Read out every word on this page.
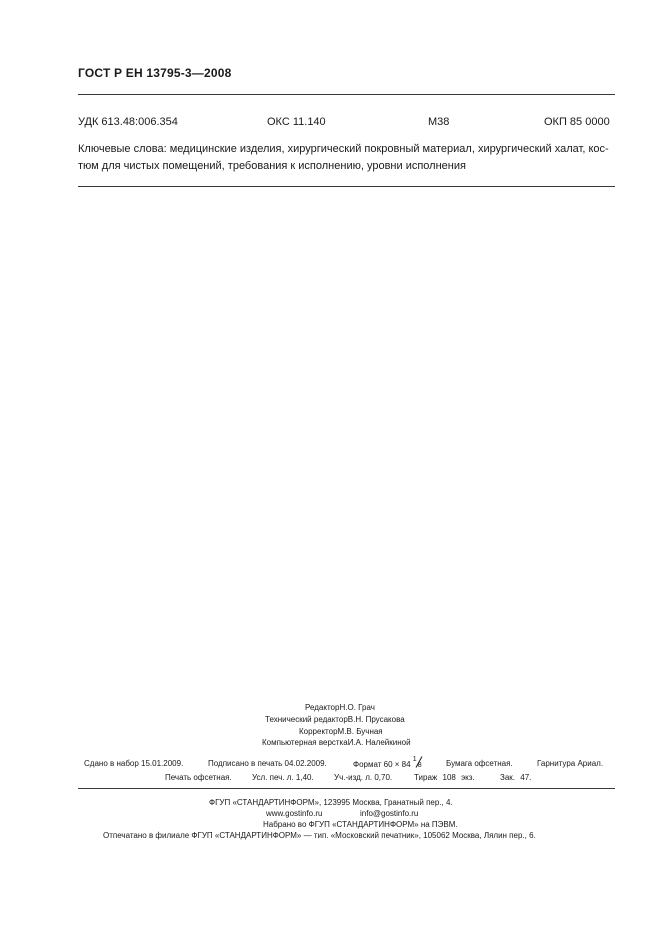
ГОСТ Р ЕН 13795-3—2008
УДК 613.48:006.354	ОКС 11.140	М38	ОКП 85 0000
Ключевые слова: медицинские изделия, хирургический покровный материал, хирургический халат, кос-
тюм для чистых помещений, требования к исполнению, уровни исполнения
РедакторН.О. Грач
Технический редакторВ.Н. Прусакова
КорректорМ.В. Бучная
Компьютерная версткаИ.А. Налейкиной
Сдано в набор 15.01.2009.	Подписано в печать 04.02.2009.	Формат 60 × 84
1
8	Бумага офсетная.	Гарнитура Ариал.
Печать офсетная.	Усл. печ. л. 1,40.	Уч.-изд. л. 0,70.	Тираж 108 экз.	Зак. 47.
ФГУП «СТАНДАРТИНФОРМ», 123995 Москва, Гранатный пер., 4.
www.gostinfo.ru	info@gostinfo.ru
Набрано во ФГУП «СТАНДАРТИНФОРМ» на ПЭВМ.
Отпечатано в филиале ФГУП «СТАНДАРТИНФОРМ» — тип. «Московский печатник», 105062 Москва, Лялин пер., 6.
